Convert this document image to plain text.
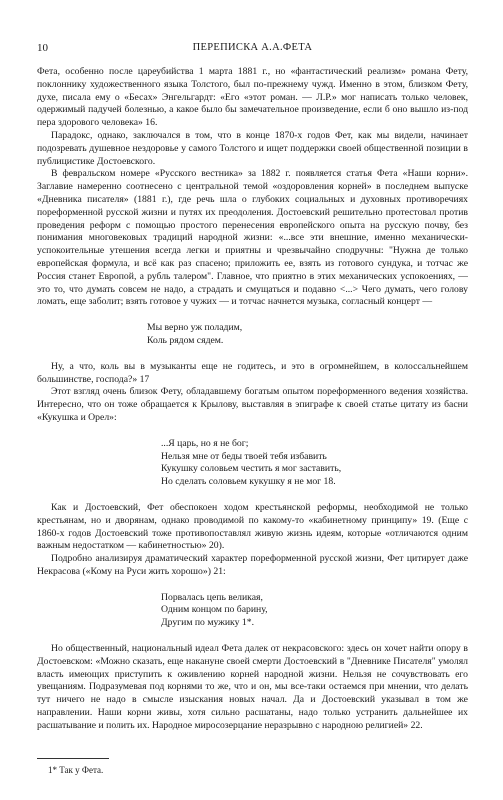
10	ПЕРЕПИСКА А.А.ФЕТА

Фета, особенно после цареубийства 1 марта 1881 г., но «фантастический реализм» романа Фету, поклоннику художественного языка Толстого, был по-прежнему чужд. Именно в этом, близком Фету, духе, писала ему о «Бесах» Энгельгардт: «Его «этот роман. — Л.Р.» мог написать только человек, одержимый падучей болезнью, а какое было бы замечательное произведение, если б оно вышло из-под пера здорового человека» 16.

Парадокс, однако, заключался в том, что в конце 1870-х годов Фет, как мы видели, начинает подозревать душевное нездоровье у самого Толстого и ищет поддержки своей общественной позиции в публицистике Достоевского.

В февральском номере «Русского вестника» за 1882 г. появляется статья Фета «Наши корни». Заглавие намеренно соотнесено с центральной темой «оздоровления корней» в последнем выпуске «Дневника писателя» (1881 г.), где речь шла о глубоких социальных и духовных противоречиях пореформенной русской жизни и путях их преодоления. Достоевский решительно протестовал против проведения реформ с помощью простого перенесения европейского опыта на русскую почву, без понимания многовековых традиций народной жизни: «...все эти внешние, именно механически-успокоительные утешения всегда легки и приятны и чрезвычайно сподручны: "Нужна де только европейская формула, и всё как раз спасено; приложить ее, взять из готового сундука, и тотчас же Россия станет Европой, а рубль талером". Главное, что приятно в этих механических успокоениях, — это то, что думать совсем не надо, а страдать и смущаться и подавно <...> Чего думать, чего голову ломать, еще заболит; взять готовое у чужих — и тотчас начнется музыка, согласный концерт —

Мы верно уж поладим,
Коль рядом сядем.

Ну, а что, коль вы в музыканты еще не годитесь, и это в огромнейшем, в колоссальнейшем большинстве, господа?» 17

Этот взгляд очень близок Фету, обладавшему богатым опытом пореформенного ведения хозяйства. Интересно, что он тоже обращается к Крылову, выставляя в эпиграфе к своей статье цитату из басни «Кукушка и Орел»:

...Я царь, но я не бог;
Нельзя мне от беды твоей тебя избавить
Кукушку соловьем честить я мог заставить,
Но сделать соловьем кукушку я не мог 18.

Как и Достоевский, Фет обеспокоен ходом крестьянской реформы, необходимой не только крестьянам, но и дворянам, однако проводимой по какому-то «кабинетному принципу» 19. (Еще с 1860-х годов Достоевский тоже противопоставлял живую жизнь идеям, которые «отличаются одним важным недостатком — кабинетностью» 20).

Подробно анализируя драматический характер пореформенной русской жизни, Фет цитирует даже Некрасова («Кому на Руси жить хорошо») 21:

Порвалась цепь великая,
Одним концом по барину,
Другим по мужику 1*.

Но общественный, национальный идеал Фета далек от некрасовского: здесь он хочет найти опору в Достоевском: «Можно сказать, еще накануне своей смерти Достоевский в "Дневнике Писателя" умолял власть имеющих приступить к оживлению корней народной жизни. Нельзя не сочувствовать его увещаниям. Подразумевая под корнями то же, что и он, мы все-таки остаемся при мнении, что делать тут ничего не надо в смысле изыскания новых начал. Да и Достоевский указывал в том же направлении. Наши корни живы, хотя сильно расшатаны, надо только устранить дальнейшее их расшатывание и полить их. Народное миросозерцание неразрывно с народною религией» 22.

1* Так у Фета.
